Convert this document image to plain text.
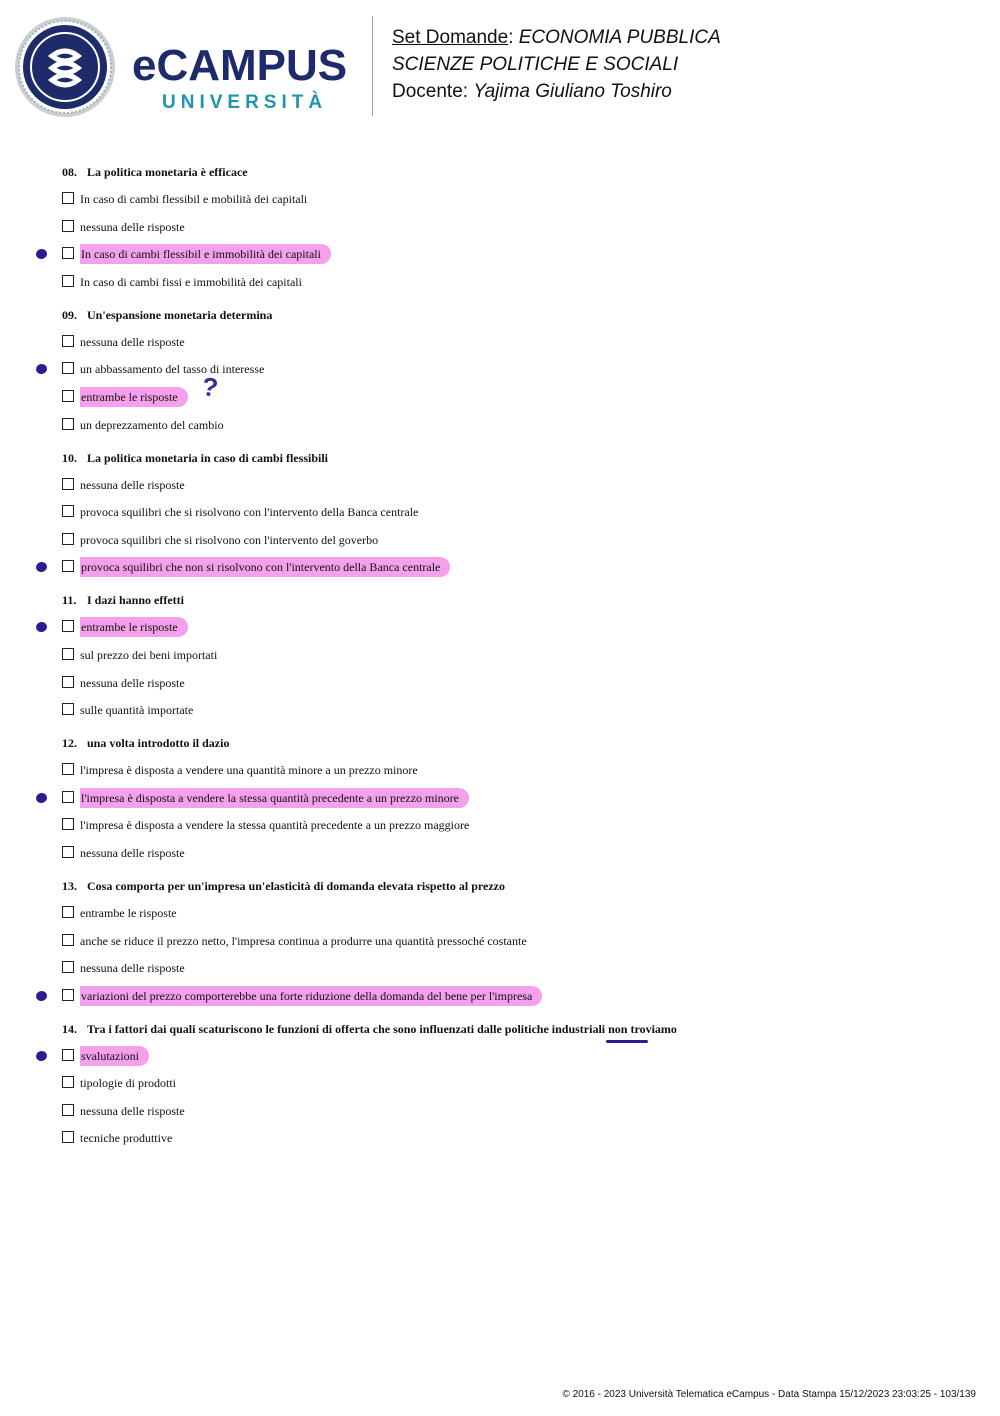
eCAMPUS
UNIVERSITÀ
Set Domande: ECONOMIA PUBBLICA
SCIENZE POLITICHE E SOCIALI
Docente: Yajima Giuliano Toshiro
08. La politica monetaria è efficace
In caso di cambi flessibil e mobilità dei capitali
nessuna delle risposte
In caso di cambi flessibil e immobilità dei capitali
In caso di cambi fissi e immobilità dei capitali
09. Un'espansione monetaria determina
nessuna delle risposte
un abbassamento del tasso di interesse
entrambe le risposte ?
un deprezzamento del cambio
10. La politica monetaria in caso di cambi flessibili
nessuna delle risposte
provoca squilibri che si risolvono con l'intervento della Banca centrale
provoca squilibri che si risolvono con l'intervento del goverbo
provoca squilibri che non si risolvono con l'intervento della Banca centrale
11. I dazi hanno effetti
entrambe le risposte
sul prezzo dei beni importati
nessuna delle risposte
sulle quantità importate
12. una volta introdotto il dazio
l'impresa è disposta a vendere una quantità minore a un prezzo minore
l'impresa è disposta a vendere la stessa quantità precedente a un prezzo minore
l'impresa è disposta a vendere la stessa quantità precedente a un prezzo maggiore
nessuna delle risposte
13. Cosa comporta per un'impresa un'elasticità di domanda elevata rispetto al prezzo
entrambe le risposte
anche se riduce il prezzo netto, l'impresa continua a produrre una quantità pressoché costante
nessuna delle risposte
variazioni del prezzo comporterebbe una forte riduzione della domanda del bene per l'impresa
14. Tra i fattori dai quali scaturiscono le funzioni di offerta che sono influenzati dalle politiche industriali non troviamo
svalutazioni
tipologie di prodotti
nessuna delle risposte
tecniche produttive
© 2016 - 2023 Università Telematica eCampus - Data Stampa 15/12/2023 23:03:25 - 103/139
